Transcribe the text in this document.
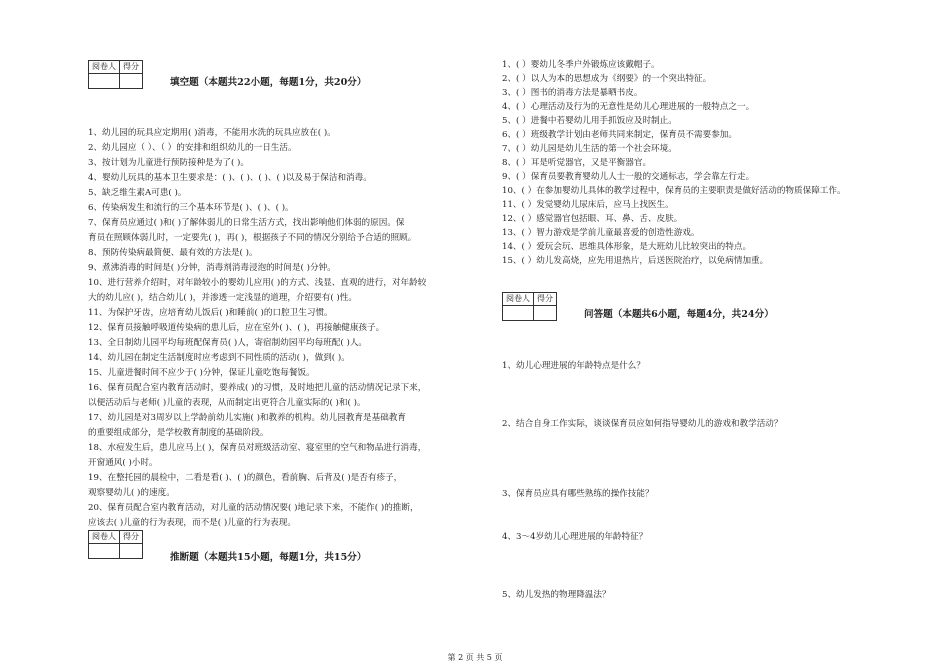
阅卷人	得分

填空题（本题共22小题，每题1分，共20分）
1、幼儿园的玩具应定期用( )消毒，不能用水洗的玩具应放在( )。
2、幼儿园应（ ）、（ ）的安排和组织幼儿的一日生活。
3、按计划为儿童进行预防接种是为了( )。
4、婴幼儿玩具的基本卫生要求是：( )、( )、( )、( )以及易于保洁和消毒。
5、缺乏维生素A可患( )。
6、传染病发生和流行的三个基本环节是( )、( )、( )。
7、保育员应通过( )和( )了解体弱儿的日常生活方式，找出影响他们体弱的原因。保
育员在照顾体弱儿时，一定要先( )，再( )，根据孩子不同的情况分别给予合适的照顾。
8、预防传染病最简便、最有效的方法是( )。
9、煮沸消毒的时间是( )分钟，消毒剂消毒浸泡的时间是( )分钟。
10、进行营养介绍时，对年龄较小的婴幼儿应用( )的方式、浅显、直观的进行，对年龄较
大的幼儿应( )，结合幼儿( )，并渗透一定浅显的道理，介绍要有( )性。
11、为保护牙齿，应培育幼儿饭后( )和睡前( )的口腔卫生习惯。
12、保育员接触呼吸道传染病的患儿后，应在室外( )、( )，再接触健康孩子。
13、全日制幼儿园平均每班配保育员( )人，寄宿制幼园平均每班配( )人。
14、幼儿园在制定生活制度时应考虑到不同性质的活动( )，做到( )。
15、儿童进餐时间不应少于( )分钟，保证儿童吃饱每餐饭。
16、保育员配合室内教育活动时，要养成( )的习惯，及时地把儿童的活动情况记录下来，
以便活动后与老师( )儿童的表现，从而制定出更符合儿童实际的( )和( )。
17、幼儿园是对3周岁以上学龄前幼儿实施( )和教养的机构。幼儿园教育是基础教育
的重要组成部分，是学校教育制度的基础阶段。
18、水痘发生后，患儿应马上( )，保育员对班级活动室、寝室里的空气和物品进行消毒，
开窗通风( )小时。
19、在整托园的晨检中，二看是看( )、( )的颜色，看前胸、后背及( )是否有疹子，
观察婴幼儿( )的速度。
20、保育员配合室内教育活动，对儿童的活动情况要( )地记录下来，不能作( )的推断，
应该去( )儿童的行为表现，而不是( )儿童的行为表现。
阅卷人	得分

推断题（本题共15小题，每题1分，共15分）
1、( ）婴幼儿冬季户外锻炼应该戴帽子。
2、( ）以人为本的思想成为《纲要》的一个突出特征。
3、( ）图书的消毒方法是暴晒书皮。
4、( ）心理活动及行为的无意性是幼儿心理进展的一般特点之一。
5、( ）进餐中若婴幼儿用手抓饭应及时制止。
6、( ）班级教学计划由老师共同来制定，保育员不需要参加。
7、( ）幼儿园是幼儿生活的第一个社会环境。
8、( ）耳是听觉器官，又是平衡器官。
9、( ）保育员要教育婴幼儿人士一般的交通标志，学会靠左行走。
10、( ）在参加婴幼儿具体的教学过程中，保育员的主要职责是做好活动的物质保障工作。
11、( ）发觉婴幼儿尿床后，应马上找医生。
12、( ）感觉器官包括眼、耳、鼻、舌、皮肤。
13、( ）智力游戏是学前儿童最喜爱的创造性游戏。
14、( ）爱玩会玩、思维具体形象，是大班幼儿比较突出的特点。
15、( ）幼儿发高烧，应先用退热片，后送医院治疗，以免病情加重。
阅卷人	得分

问答题（本题共6小题，每题4分，共24分）
1、幼儿心理进展的年龄特点是什么？
2、结合自身工作实际，谈谈保育员应如何指导婴幼儿的游戏和教学活动？
3、保育员应具有哪些熟练的操作技能？
4、3～4岁幼儿心理进展的年龄特征？
5、幼儿发热的物理降温法？
第 2 页 共 5 页
